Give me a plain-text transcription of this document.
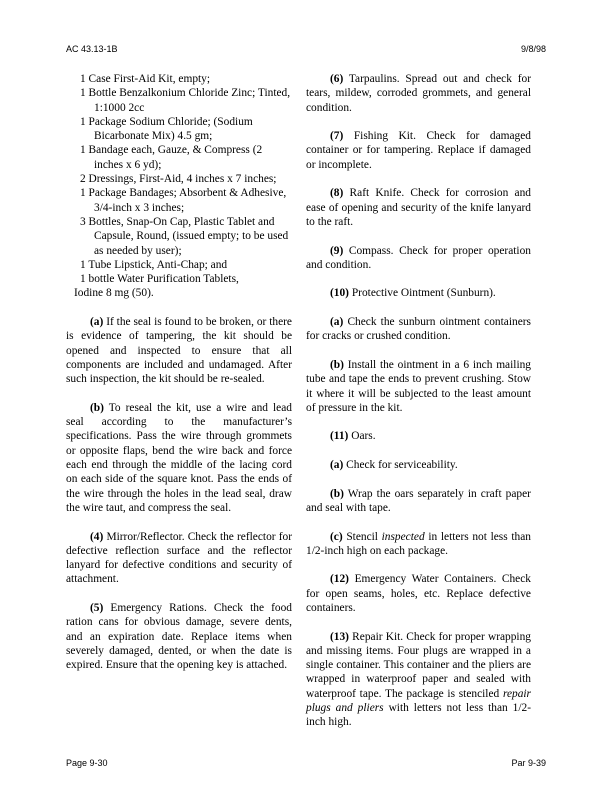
AC 43.13-1B	9/8/98
1 Case First-Aid Kit, empty;
1 Bottle Benzalkonium Chloride Zinc; Tinted, 1:1000 2cc
1 Package Sodium Chloride; (Sodium Bicarbonate Mix) 4.5 gm;
1 Bandage each, Gauze, & Compress (2 inches x 6 yd);
2 Dressings, First-Aid, 4 inches x 7 inches;
1 Package Bandages; Absorbent & Adhesive, 3/4-inch x 3 inches;
3 Bottles, Snap-On Cap, Plastic Tablet and Capsule, Round, (issued empty; to be used as needed by user);
1 Tube Lipstick, Anti-Chap; and
1 bottle Water Purification Tablets,
Iodine 8 mg (50).

(a) If the seal is found to be broken, or there is evidence of tampering, the kit should be opened and inspected to ensure that all components are included and undamaged. After such inspection, the kit should be re-sealed.

(b) To reseal the kit, use a wire and lead seal according to the manufacturer’s specifications. Pass the wire through grommets or opposite flaps, bend the wire back and force each end through the middle of the lacing cord on each side of the square knot. Pass the ends of the wire through the holes in the lead seal, draw the wire taut, and compress the seal.

(4) Mirror/Reflector. Check the reflector for defective reflection surface and the reflector lanyard for defective conditions and security of attachment.

(5) Emergency Rations. Check the food ration cans for obvious damage, severe dents, and an expiration date. Replace items when severely damaged, dented, or when the date is expired. Ensure that the opening key is attached.

(6) Tarpaulins. Spread out and check for tears, mildew, corroded grommets, and general condition.

(7) Fishing Kit. Check for damaged container or for tampering. Replace if damaged or incomplete.

(8) Raft Knife. Check for corrosion and ease of opening and security of the knife lanyard to the raft.

(9) Compass. Check for proper operation and condition.

(10) Protective Ointment (Sunburn).

(a) Check the sunburn ointment containers for cracks or crushed condition.

(b) Install the ointment in a 6 inch mailing tube and tape the ends to prevent crushing. Stow it where it will be subjected to the least amount of pressure in the kit.

(11) Oars.

(a) Check for serviceability.

(b) Wrap the oars separately in craft paper and seal with tape.

(c) Stencil inspected in letters not less than 1/2-inch high on each package.

(12) Emergency Water Containers. Check for open seams, holes, etc. Replace defective containers.

(13) Repair Kit. Check for proper wrapping and missing items. Four plugs are wrapped in a single container. This container and the pliers are wrapped in waterproof paper and sealed with waterproof tape. The package is stenciled repair plugs and pliers with letters not less than 1/2-inch high.

Page 9-30	Par 9-39
